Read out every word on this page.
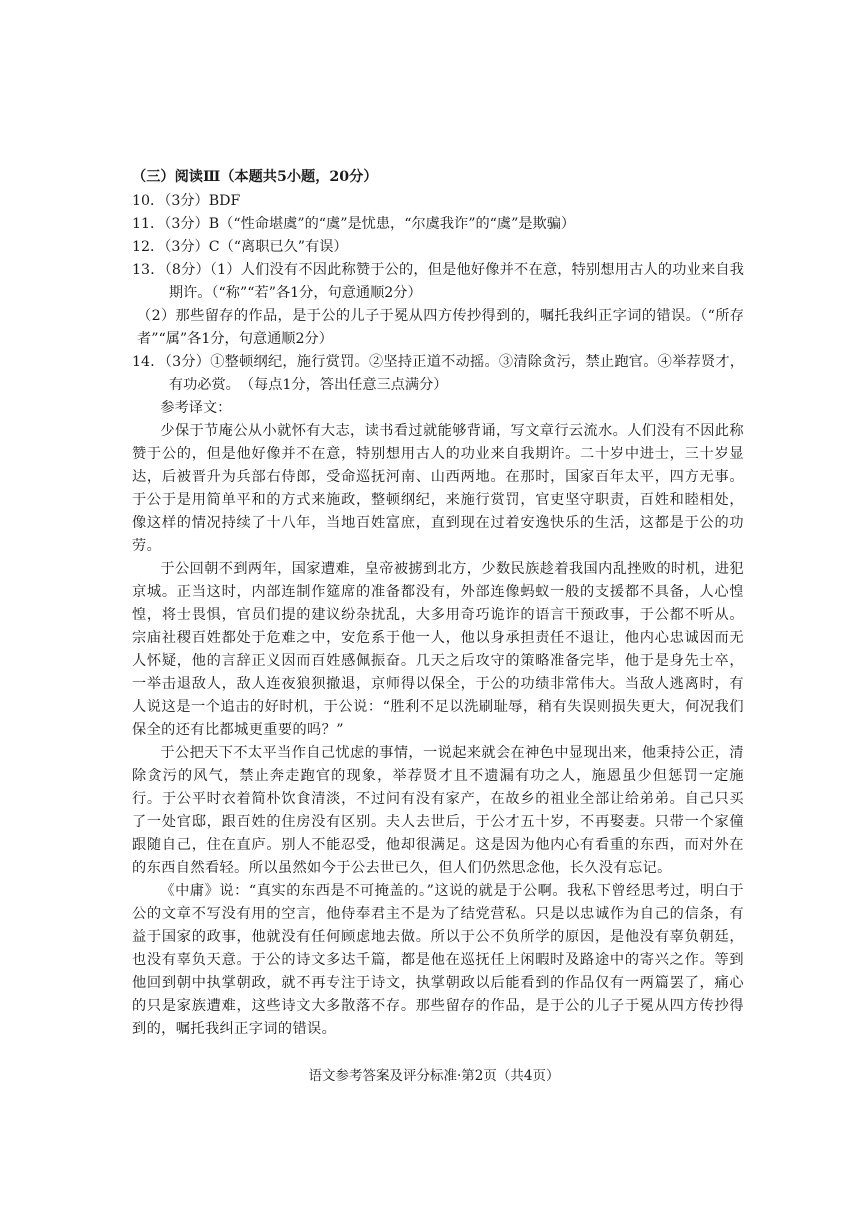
（三）阅读Ⅲ（本题共5小题，20分）

10．（3分）BDF

11．（3分）B（“性命堪虞”的“虞”是忧患，“尔虞我诈”的“虞”是欺骗）

12．（3分）C（“离职已久”有误）

13．（8分）（1）人们没有不因此称赞于公的，但是他好像并不在意，特别想用古人的功业来自我期许。（“称”“若”各1分，句意通顺2分）

（2）那些留存的作品，是于公的儿子于冕从四方传抄得到的，嘱托我纠正字词的错误。（“所存者”“属”各1分，句意通顺2分）

14．（3分）①整顿纲纪，施行赏罚。②坚持正道不动摇。③清除贪污，禁止跑官。④举荐贤才，有功必赏。　（每点1分，答出任意三点满分）

参考译文：

少保于节庵公从小就怀有大志，读书看过就能够背诵，写文章行云流水。人们没有不因此称赞于公的，但是他好像并不在意，特别想用古人的功业来自我期许。二十岁中进士，三十岁显达，后被晋升为兵部右侍郎，受命巡抚河南、山西两地。在那时，国家百年太平，四方无事。于公于是用简单平和的方式来施政，整顿纲纪，来施行赏罚，官吏坚守职责，百姓和睦相处，像这样的情况持续了十八年，当地百姓富庶，直到现在过着安逸快乐的生活，这都是于公的功劳。

于公回朝不到两年，国家遭难，皇帝被掳到北方，少数民族趁着我国内乱挫败的时机，进犯京城。正当这时，内部连制作筵席的准备都没有，外部连像蚂蚁一般的支援都不具备，人心惶惶，将士畏惧，官员们提的建议纷杂扰乱，大多用奇巧诡诈的语言干预政事，于公都不听从。宗庙社稷百姓都处于危难之中，安危系于他一人，他以身承担责任不退让，他内心忠诚因而无人怀疑，他的言辞正义因而百姓感佩振奋。几天之后攻守的策略准备完毕，他于是身先士卒，一举击退敌人，敌人连夜狼狈撤退，京师得以保全，于公的功绩非常伟大。当敌人逃离时，有人说这是一个追击的好时机，于公说：“胜利不足以洗刷耻辱，稍有失误则损失更大，何况我们保全的还有比都城更重要的吗？”

于公把天下不太平当作自己忧虑的事情，一说起来就会在神色中显现出来，他秉持公正，清除贪污的风气，禁止奔走跑官的现象，举荐贤才且不遗漏有功之人，施恩虽少但惩罚一定施行。于公平时衣着简朴饮食清淡，不过问有没有家产，在故乡的祖业全部让给弟弟。自己只买了一处官邸，跟百姓的住房没有区别。夫人去世后，于公才五十岁，不再娶妻。只带一个家僮跟随自己，住在直庐。别人不能忍受，他却很满足。这是因为他内心有看重的东西，而对外在的东西自然看轻。所以虽然如今于公去世已久，但人们仍然思念他，长久没有忘记。

《中庸》说：“真实的东西是不可掩盖的。”这说的就是于公啊。我私下曾经思考过，明白于公的文章不写没有用的空言，他侍奉君主不是为了结党营私。只是以忠诚作为自己的信条，有益于国家的政事，他就没有任何顾虑地去做。所以于公不负所学的原因，是他没有辜负朝廷，也没有辜负天意。于公的诗文多达千篇，都是他在巡抚任上闲暇时及路途中的寄兴之作。等到他回到朝中执掌朝政，就不再专注于诗文，执掌朝政以后能看到的作品仅有一两篇罢了，痛心的只是家族遭难，这些诗文大多散落不存。那些留存的作品，是于公的儿子于冕从四方传抄得到的，嘱托我纠正字词的错误。

语文参考答案及评分标准·第2页（共4页）
